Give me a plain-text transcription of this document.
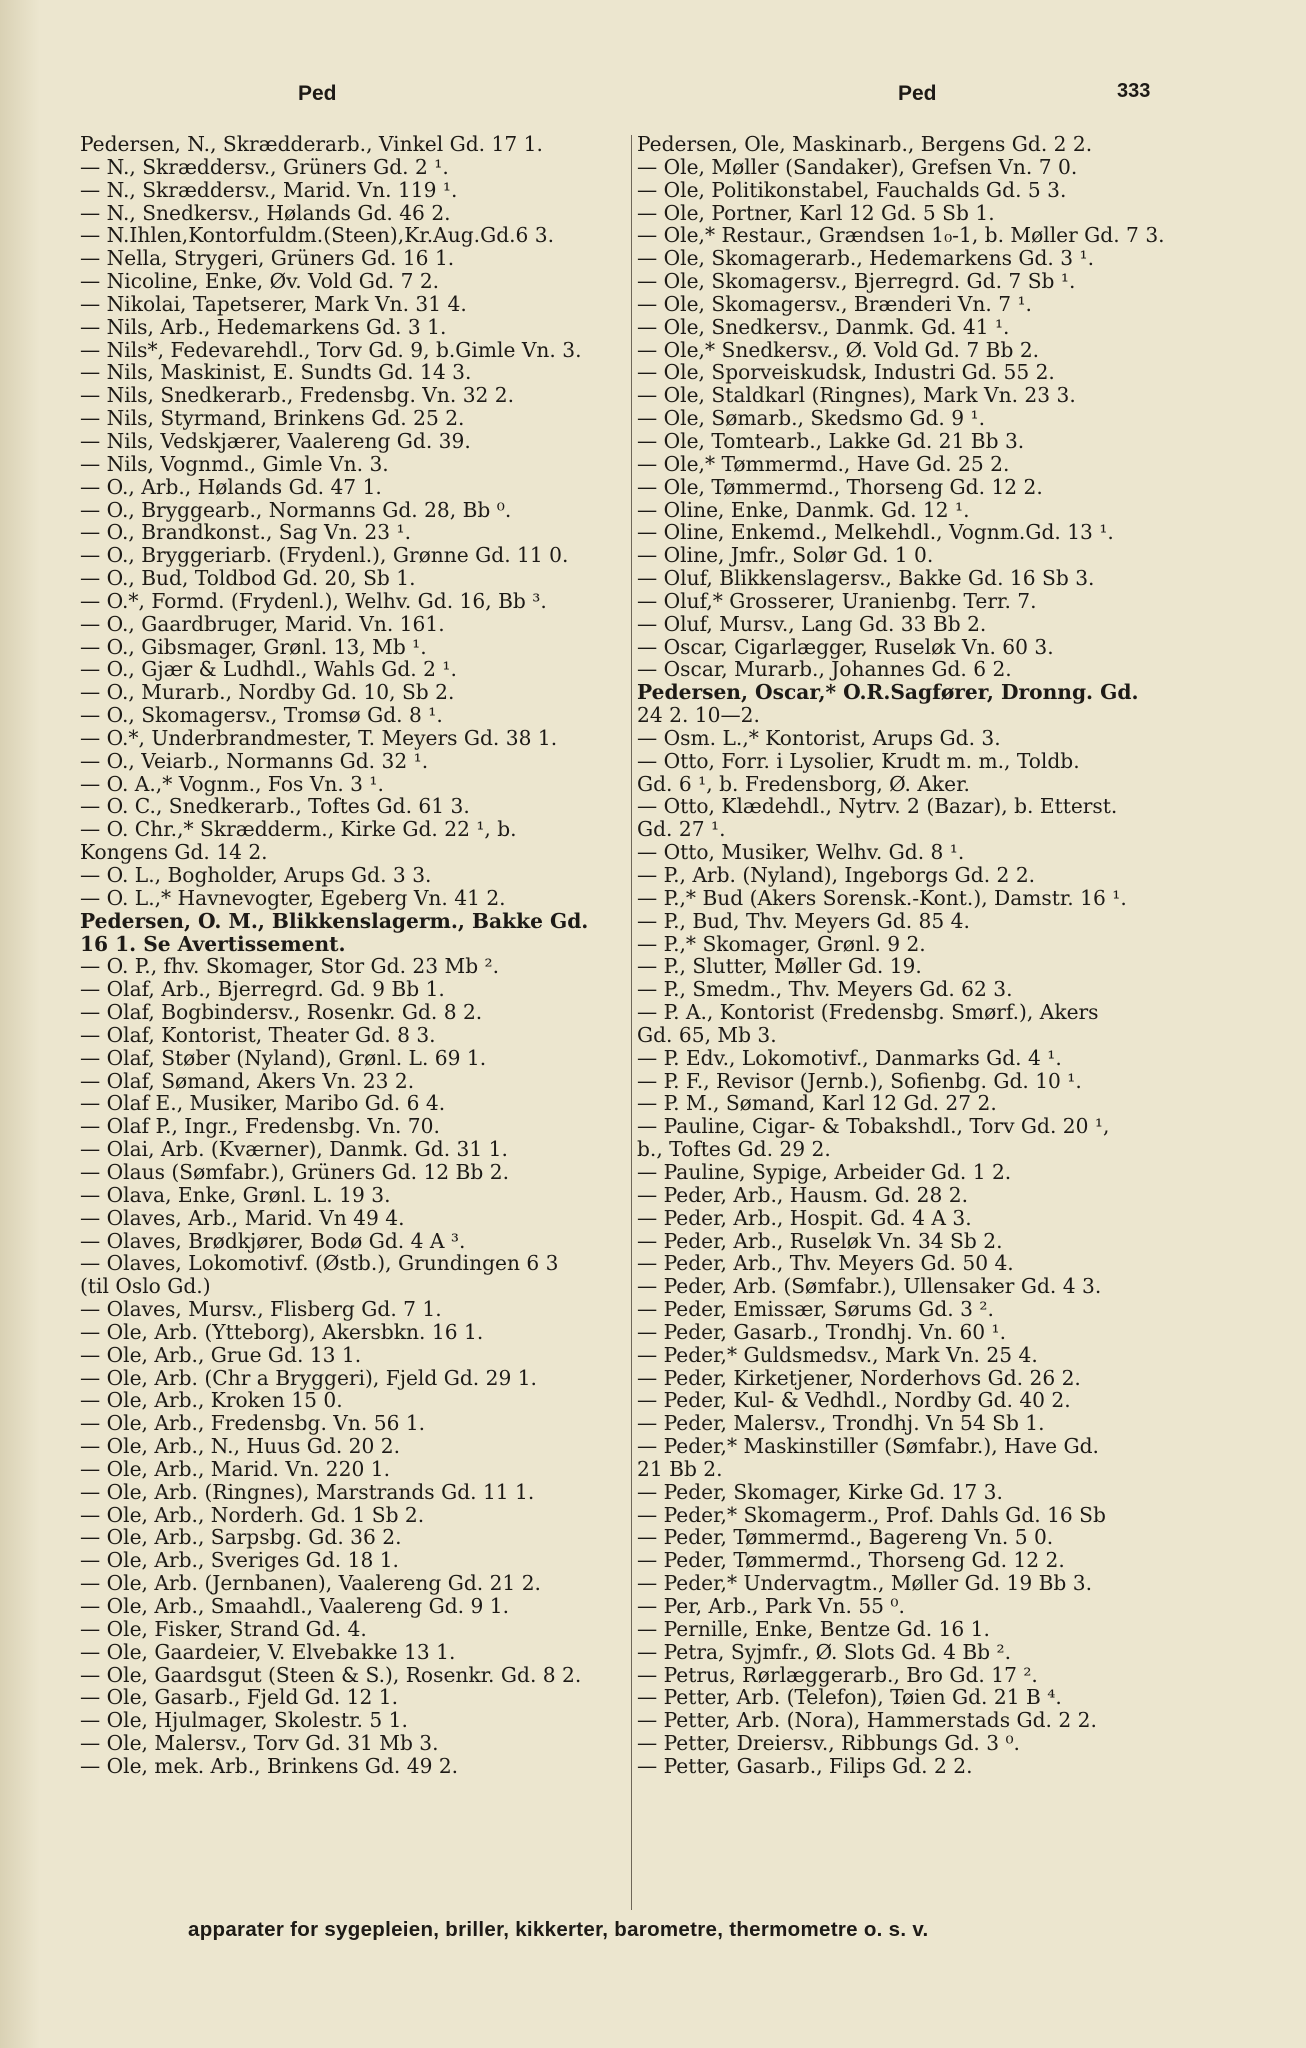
Ped	Ped	333
Pedersen, N., Skrædderarb., Vinkel Gd. 17 1.
— N., Skræddersv., Grüners Gd. 2 ¹.
— N., Skræddersv., Marid. Vn. 119 ¹.
— N., Snedkersv., Hølands Gd. 46 2.
— N.Ihlen,Kontorfuldm.(Steen),Kr.Aug.Gd.6 3.
— Nella, Strygeri, Grüners Gd. 16 1.
— Nicoline, Enke, Øv. Vold Gd. 7 2.
— Nikolai, Tapetserer, Mark Vn. 31 4.
— Nils, Arb., Hedemarkens Gd. 3 1.
— Nils*, Fedevarehdl., Torv Gd. 9, b.Gimle Vn. 3.
— Nils, Maskinist, E. Sundts Gd. 14 3.
— Nils, Snedkerarb., Fredensbg. Vn. 32 2.
— Nils, Styrmand, Brinkens Gd. 25 2.
— Nils, Vedskjærer, Vaalereng Gd. 39.
— Nils, Vognmd., Gimle Vn. 3.
— O., Arb., Hølands Gd. 47 1.
— O., Bryggearb., Normanns Gd. 28, Bb ⁰.
— O., Brandkonst., Sag Vn. 23 ¹.
— O., Bryggeriarb. (Frydenl.), Grønne Gd. 11 0.
— O., Bud, Toldbod Gd. 20, Sb 1.
— O.*, Formd. (Frydenl.), Welhv. Gd. 16, Bb ³.
— O., Gaardbruger, Marid. Vn. 161.
— O., Gibsmager, Grønl. 13, Mb ¹.
— O., Gjær & Ludhdl., Wahls Gd. 2 ¹.
— O., Murarb., Nordby Gd. 10, Sb 2.
— O., Skomagersv., Tromsø Gd. 8 ¹.
— O.*, Underbrandmester, T. Meyers Gd. 38 1.
— O., Veiarb., Normanns Gd. 32 ¹.
— O. A.,* Vognm., Fos Vn. 3 ¹.
— O. C., Snedkerarb., Toftes Gd. 61 3.
— O. Chr.,* Skrædderm., Kirke Gd. 22 ¹, b.
Kongens Gd. 14 2.
— O. L., Bogholder, Arups Gd. 3 3.
— O. L.,* Havnevogter, Egeberg Vn. 41 2.
Pedersen, O. M., Blikkenslagerm., Bakke Gd.
16 1. Se Avertissement.
— O. P., fhv. Skomager, Stor Gd. 23 Mb ².
— Olaf, Arb., Bjerregrd. Gd. 9 Bb 1.
— Olaf, Bogbindersv., Rosenkr. Gd. 8 2.
— Olaf, Kontorist, Theater Gd. 8 3.
— Olaf, Støber (Nyland), Grønl. L. 69 1.
— Olaf, Sømand, Akers Vn. 23 2.
— Olaf E., Musiker, Maribo Gd. 6 4.
— Olaf P., Ingr., Fredensbg. Vn. 70.
— Olai, Arb. (Kværner), Danmk. Gd. 31 1.
— Olaus (Sømfabr.), Grüners Gd. 12 Bb 2.
— Olava, Enke, Grønl. L. 19 3.
— Olaves, Arb., Marid. Vn 49 4.
— Olaves, Brødkjører, Bodø Gd. 4 A ³.
— Olaves, Lokomotivf. (Østb.), Grundingen 6 3
(til Oslo Gd.)
— Olaves, Mursv., Flisberg Gd. 7 1.
— Ole, Arb. (Ytteborg), Akersbkn. 16 1.
— Ole, Arb., Grue Gd. 13 1.
— Ole, Arb. (Chr a Bryggeri), Fjeld Gd. 29 1.
— Ole, Arb., Kroken 15 0.
— Ole, Arb., Fredensbg. Vn. 56 1.
— Ole, Arb., N., Huus Gd. 20 2.
— Ole, Arb., Marid. Vn. 220 1.
— Ole, Arb. (Ringnes), Marstrands Gd. 11 1.
— Ole, Arb., Norderh. Gd. 1 Sb 2.
— Ole, Arb., Sarpsbg. Gd. 36 2.
— Ole, Arb., Sveriges Gd. 18 1.
— Ole, Arb. (Jernbanen), Vaalereng Gd. 21 2.
— Ole, Arb., Smaahdl., Vaalereng Gd. 9 1.
— Ole, Fisker, Strand Gd. 4.
— Ole, Gaardeier, V. Elvebakke 13 1.
— Ole, Gaardsgut (Steen & S.), Rosenkr. Gd. 8 2.
— Ole, Gasarb., Fjeld Gd. 12 1.
— Ole, Hjulmager, Skolestr. 5 1.
— Ole, Malersv., Torv Gd. 31 Mb 3.
— Ole, mek. Arb., Brinkens Gd. 49 2.
Pedersen, Ole, Maskinarb., Bergens Gd. 2 2.
— Ole, Møller (Sandaker), Grefsen Vn. 7 0.
— Ole, Politikonstabel, Fauchalds Gd. 5 3.
— Ole, Portner, Karl 12 Gd. 5 Sb 1.
— Ole,* Restaur., Grændsen 1₀-1, b. Møller Gd. 7 3.
— Ole, Skomagerarb., Hedemarkens Gd. 3 ¹.
— Ole, Skomagersv., Bjerregrd. Gd. 7 Sb ¹.
— Ole, Skomagersv., Brænderi Vn. 7 ¹.
— Ole, Snedkersv., Danmk. Gd. 41 ¹.
— Ole,* Snedkersv., Ø. Vold Gd. 7 Bb 2.
— Ole, Sporveiskudsk, Industri Gd. 55 2.
— Ole, Staldkarl (Ringnes), Mark Vn. 23 3.
— Ole, Sømarb., Skedsmo Gd. 9 ¹.
— Ole, Tomtearb., Lakke Gd. 21 Bb 3.
— Ole,* Tømmermd., Have Gd. 25 2.
— Ole, Tømmermd., Thorseng Gd. 12 2.
— Oline, Enke, Danmk. Gd. 12 ¹.
— Oline, Enkemd., Melkehdl., Vognm.Gd. 13 ¹.
— Oline, Jmfr., Solør Gd. 1 0.
— Oluf, Blikkenslagersv., Bakke Gd. 16 Sb 3.
— Oluf,* Grosserer, Uranienbg. Terr. 7.
— Oluf, Mursv., Lang Gd. 33 Bb 2.
— Oscar, Cigarlægger, Ruseløk Vn. 60 3.
— Oscar, Murarb., Johannes Gd. 6 2.
Pedersen, Oscar,* O.R.Sagfører, Dronng. Gd.
24 2. 10—2.
— Osm. L.,* Kontorist, Arups Gd. 3.
— Otto, Forr. i Lysolier, Krudt m. m., Toldb.
Gd. 6 ¹, b. Fredensborg, Ø. Aker.
— Otto, Klædehdl., Nytrv. 2 (Bazar), b. Etterst.
Gd. 27 ¹.
— Otto, Musiker, Welhv. Gd. 8 ¹.
— P., Arb. (Nyland), Ingeborgs Gd. 2 2.
— P.,* Bud (Akers Sorensk.-Kont.), Damstr. 16 ¹.
— P., Bud, Thv. Meyers Gd. 85 4.
— P.,* Skomager, Grønl. 9 2.
— P., Slutter, Møller Gd. 19.
— P., Smedm., Thv. Meyers Gd. 62 3.
— P. A., Kontorist (Fredensbg. Smørf.), Akers
Gd. 65, Mb 3.
— P. Edv., Lokomotivf., Danmarks Gd. 4 ¹.
— P. F., Revisor (Jernb.), Sofienbg. Gd. 10 ¹.
— P. M., Sømand, Karl 12 Gd. 27 2.
— Pauline, Cigar- & Tobakshdl., Torv Gd. 20 ¹,
b., Toftes Gd. 29 2.
— Pauline, Sypige, Arbeider Gd. 1 2.
— Peder, Arb., Hausm. Gd. 28 2.
— Peder, Arb., Hospit. Gd. 4 A 3.
— Peder, Arb., Ruseløk Vn. 34 Sb 2.
— Peder, Arb., Thv. Meyers Gd. 50 4.
— Peder, Arb. (Sømfabr.), Ullensaker Gd. 4 3.
— Peder, Emissær, Sørums Gd. 3 ².
— Peder, Gasarb., Trondhj. Vn. 60 ¹.
— Peder,* Guldsmedsv., Mark Vn. 25 4.
— Peder, Kirketjener, Norderhovs Gd. 26 2.
— Peder, Kul- & Vedhdl., Nordby Gd. 40 2.
— Peder, Malersv., Trondhj. Vn 54 Sb 1.
— Peder,* Maskinstiller (Sømfabr.), Have Gd.
21 Bb 2.
— Peder, Skomager, Kirke Gd. 17 3.
— Peder,* Skomagerm., Prof. Dahls Gd. 16 Sb
— Peder, Tømmermd., Bagereng Vn. 5 0.
— Peder, Tømmermd., Thorseng Gd. 12 2.
— Peder,* Undervagtm., Møller Gd. 19 Bb 3.
— Per, Arb., Park Vn. 55 ⁰.
— Pernille, Enke, Bentze Gd. 16 1.
— Petra, Syjmfr., Ø. Slots Gd. 4 Bb ².
— Petrus, Rørlæggerarb., Bro Gd. 17 ².
— Petter, Arb. (Telefon), Tøien Gd. 21 B ⁴.
— Petter, Arb. (Nora), Hammerstads Gd. 2 2.
— Petter, Dreiersv., Ribbungs Gd. 3 ⁰.
— Petter, Gasarb., Filips Gd. 2 2.
apparater for sygepleien, briller, kikkerter, barometre, thermometre o. s. v.
